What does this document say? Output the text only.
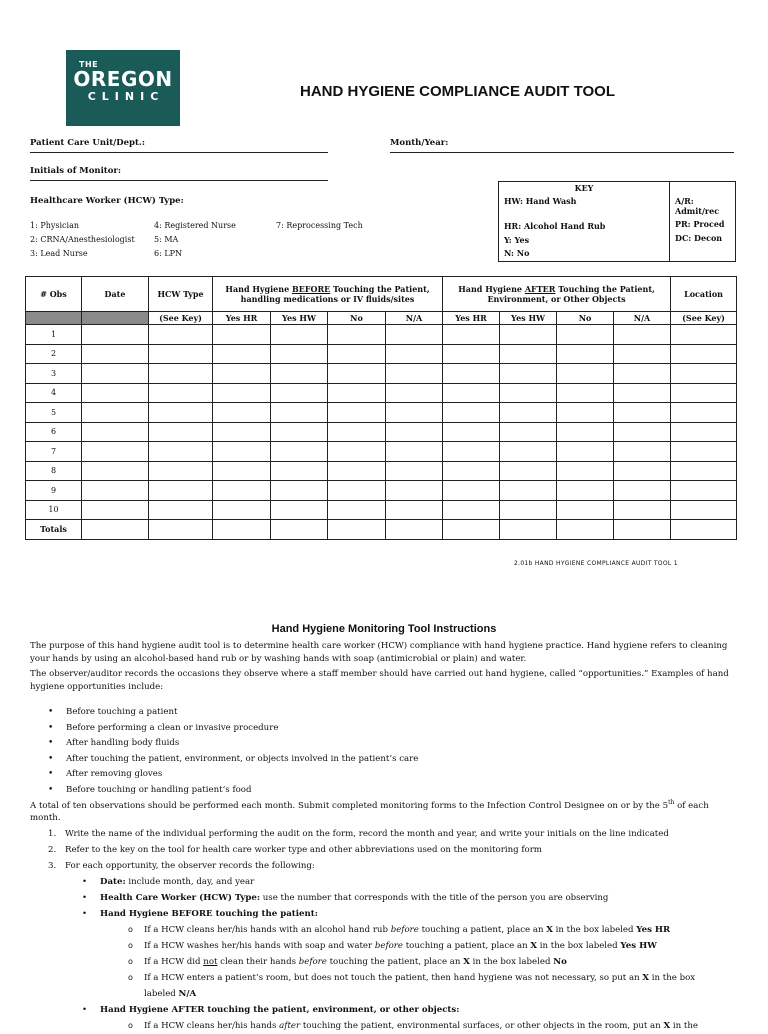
THE
OREGON
CLINIC	HAND HYGIENE COMPLIANCE AUDIT TOOL
Patient Care Unit/Dept.:	Month/Year:
Initials of Monitor:
Healthcare Worker (HCW) Type:
1: Physician	4: Registered Nurse	7: Reprocessing Tech
2: CRNA/Anesthesiologist	5: MA
3: Lead Nurse	6: LPN
KEY
HW: Hand Wash
HR: Alcohol Hand Rub
Y: Yes
N: No
A/R: Admit/rec
PR: Proced
DC: Decon
# Obs	Date	HCW Type	Hand Hygiene BEFORE Touching the Patient, handling medications or IV fluids/sites				Hand Hygiene AFTER Touching the Patient, Environment, or Other Objects				Location
		(See Key)	Yes HR	Yes HW	No	N/A	Yes HR	Yes HW	No	N/A	(See Key)
1											
2											
3											
4											
5											
6											
7											
8											
9											
10											
Totals											
2.01b HAND HYGIENE COMPLIANCE AUDIT TOOL 1
Hand Hygiene Monitoring Tool Instructions
The purpose of this hand hygiene audit tool is to determine health care worker (HCW) compliance with hand hygiene practice. Hand hygiene refers to cleaning your hands by using an alcohol-based hand rub or by washing hands with soap (antimicrobial or plain) and water.
The observer/auditor records the occasions they observe where a staff member should have carried out hand hygiene, called “opportunities.” Examples of hand hygiene opportunities include:
• Before touching a patient
• Before performing a clean or invasive procedure
• After handling body fluids
• After touching the patient, environment, or objects involved in the patient’s care
• After removing gloves
• Before touching or handling patient’s food
A total of ten observations should be performed each month. Submit completed monitoring forms to the Infection Control Designee on or by the 5th of each month.
1. Write the name of the individual performing the audit on the form, record the month and year, and write your initials on the line indicated
2. Refer to the key on the tool for health care worker type and other abbreviations used on the monitoring form
3. For each opportunity, the observer records the following:
• Date: include month, day, and year
• Health Care Worker (HCW) Type: use the number that corresponds with the title of the person you are observing
• Hand Hygiene BEFORE touching the patient:
o If a HCW cleans her/his hands with an alcohol hand rub before touching a patient, place an X in the box labeled Yes HR
o If a HCW washes her/his hands with soap and water before touching a patient, place an X in the box labeled Yes HW
o If a HCW did not clean their hands before touching the patient, place an X in the box labeled No
o If a HCW enters a patient’s room, but does not touch the patient, then hand hygiene was not necessary, so put an X in the box
labeled N/A
• Hand Hygiene AFTER touching the patient, environment, or other objects:
o If a HCW cleans her/his hands after touching the patient, environmental surfaces, or other objects in the room, put an X in the
